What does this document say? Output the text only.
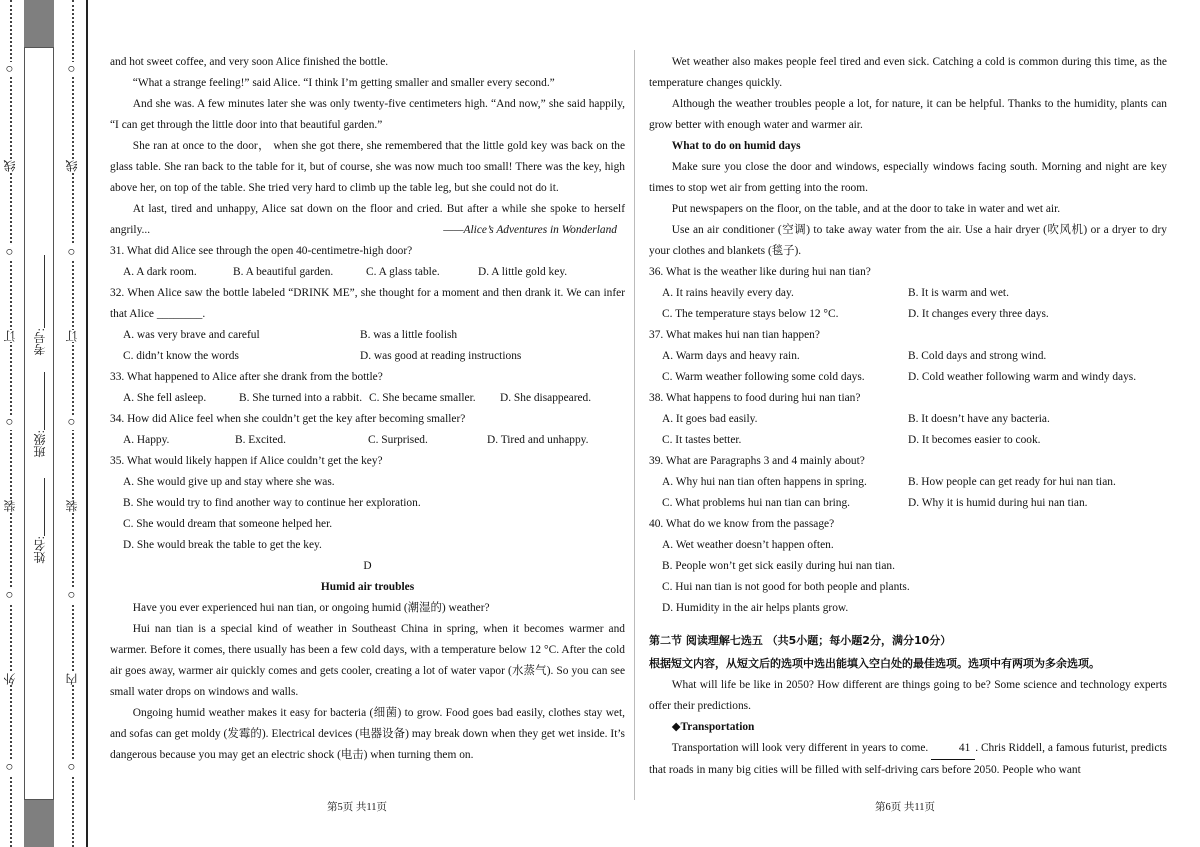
○
线
○
订
○
装
○
外
○
姓名:
班级:
考号:
○
线
○
订
○
装
○
内
○

and hot sweet coffee, and very soon Alice finished the bottle.

“What a strange feeling!” said Alice. “I think I’m getting smaller and smaller every second.”

And she was. A few minutes later she was only twenty-five centimeters high. “And now,” she said happily, “I can get through the little door into that beautiful garden.”

She ran at once to the door， when she got there, she remembered that the little gold key was back on the glass table. She ran back to the table for it, but of course, she was now much too small! There was the key, high above her, on top of the table. She tried very hard to climb up the table leg, but she could not do it.

At last, tired and unhappy, Alice sat down on the floor and cried. But after a while she spoke to herself angrily...	——Alice’s Adventures in Wonderland

31. What did Alice see through the open 40-centimetre-high door?

A. A dark room.	B. A beautiful garden.	C. A glass table.	D. A little gold key.

32. When Alice saw the bottle labeled “DRINK ME”, she thought for a moment and then drank it. We can infer that Alice ________.

A. was very brave and careful	B. was a little foolish
C. didn’t know the words	D. was good at reading instructions

33. What happened to Alice after she drank from the bottle?

A. She fell asleep.	B. She turned into a rabbit. C. She became smaller.	D. She disappeared.

34. How did Alice feel when she couldn’t get the key after becoming smaller?

A. Happy.	B. Excited.	C. Surprised.	D. Tired and unhappy.

35. What would likely happen if Alice couldn’t get the key?

A. She would give up and stay where she was.
B. She would try to find another way to continue her exploration.
C. She would dream that someone helped her.
D. She would break the table to get the key.

D

Humid air troubles

Have you ever experienced hui nan tian, or ongoing humid (潮湿的) weather?

Hui nan tian is a special kind of weather in Southeast China in spring, when it becomes warmer and warmer. Before it comes, there usually has been a few cold days, with a temperature below 12 °C. After the cold air goes away, warmer air quickly comes and gets cooler, creating a lot of water vapor (水蒸气). So you can see small water drops on windows and walls.

Ongoing humid weather makes it easy for bacteria (细菌) to grow. Food goes bad easily, clothes stay wet, and sofas can get moldy (发霉的). Electrical devices (电器设备) may break down when they get wet inside. It’s dangerous because you may get an electric shock (电击) when turning them on.

第5页 共11页

Wet weather also makes people feel tired and even sick. Catching a cold is common during this time, as the temperature changes quickly.

Although the weather troubles people a lot, for nature, it can be helpful. Thanks to the humidity, plants can grow better with enough water and warmer air.

What to do on humid days

Make sure you close the door and windows, especially windows facing south. Morning and night are key times to stop wet air from getting into the room.

Put newspapers on the floor, on the table, and at the door to take in water and wet air.

Use an air conditioner (空调) to take away water from the air. Use a hair dryer (吹风机) or a dryer to dry your clothes and blankets (毯子).

36. What is the weather like during hui nan tian?

A. It rains heavily every day.	B. It is warm and wet.
C. The temperature stays below 12 °C.	D. It changes every three days.

37. What makes hui nan tian happen?

A. Warm days and heavy rain.	B. Cold days and strong wind.
C. Warm weather following some cold days.	D. Cold weather following warm and windy days.

38. What happens to food during hui nan tian?

A. It goes bad easily.	B. It doesn’t have any bacteria.
C. It tastes better.	D. It becomes easier to cook.

39. What are Paragraphs 3 and 4 mainly about?

A. Why hui nan tian often happens in spring.	B. How people can get ready for hui nan tian.
C. What problems hui nan tian can bring.	D. Why it is humid during hui nan tian.

40. What do we know from the passage?

A. Wet weather doesn’t happen often.
B. People won’t get sick easily during hui nan tian.
C. Hui nan tian is not good for both people and plants.
D. Humidity in the air helps plants grow.

第二节 阅读理解七选五 （共5小题；每小题2分，满分10分）

根据短文内容，从短文后的选项中选出能填入空白处的最佳选项。选项中有两项为多余选项。

What will life be like in 2050? How different are things going to be? Some science and technology experts offer their predictions.

◆Transportation

Transportation will look very different in years to come.	41 . Chris Riddell, a famous futurist, predicts that roads in many big cities will be filled with self-driving cars before 2050. People who want

第6页 共11页
